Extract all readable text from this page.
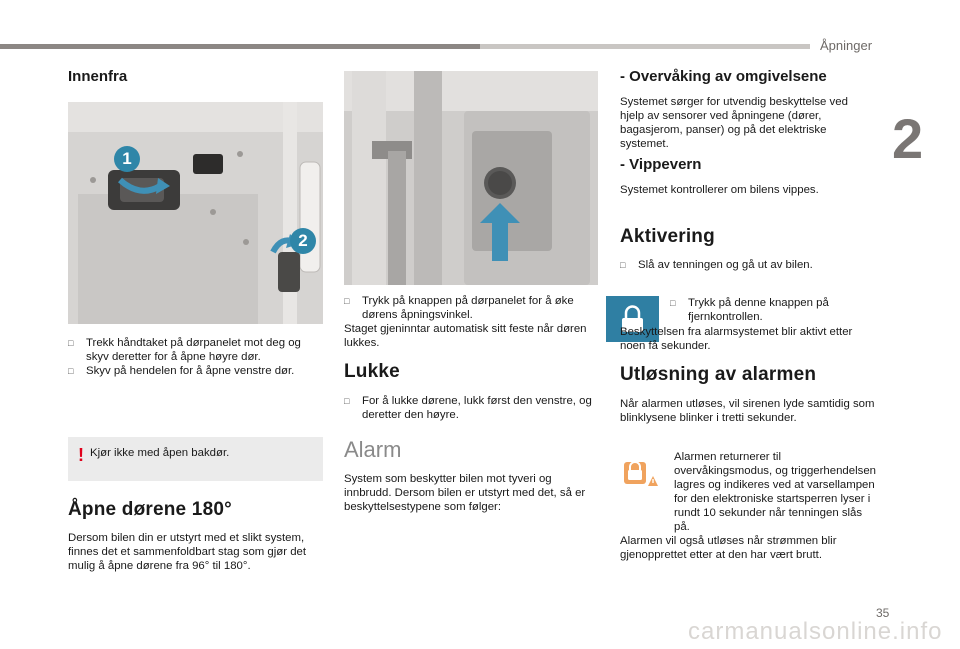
Åpninger
2
Innenfra
1
2
□	Trekk håndtaket på dørpanelet mot deg og skyv deretter for å åpne høyre dør.
□	Skyv på hendelen for å åpne venstre dør.
! Kjør ikke med åpen bakdør.
Åpne dørene 180°
Dersom bilen din er utstyrt med et slikt system, finnes det et sammenfoldbart stag som gjør det mulig å åpne dørene fra 96° til 180°.
□	Trykk på knappen på dørpanelet for å øke dørens åpningsvinkel.
Staget gjeninntar automatisk sitt feste når døren lukkes.
Lukke
□	For å lukke dørene, lukk først den venstre, og deretter den høyre.
Alarm
System som beskytter bilen mot tyveri og innbrudd. Dersom bilen er utstyrt med det, så er beskyttelsestypene som følger:
- Overvåking av omgivelsene
Systemet sørger for utvendig beskyttelse ved hjelp av sensorer ved åpningene (dører, bagasjerom, panser) og på det elektriske systemet.
- Vippevern
Systemet kontrollerer om bilens vippes.
Aktivering
□	Slå av tenningen og gå ut av bilen.
□	Trykk på denne knappen på fjernkontrollen.
Beskyttelsen fra alarmsystemet blir aktivt etter noen få sekunder.
Utløsning av alarmen
Når alarmen utløses, vil sirenen lyde samtidig som blinklysene blinker i tretti sekunder.
Alarmen returnerer til overvåkingsmodus, og triggerhendelsen lagres og indikeres ved at varsellampen for den elektroniske startsperren lyser i rundt 10 sekunder når tenningen slås på.
Alarmen vil også utløses når strømmen blir gjenopprettet etter at den har vært brutt.
35
carmanualsonline.info
